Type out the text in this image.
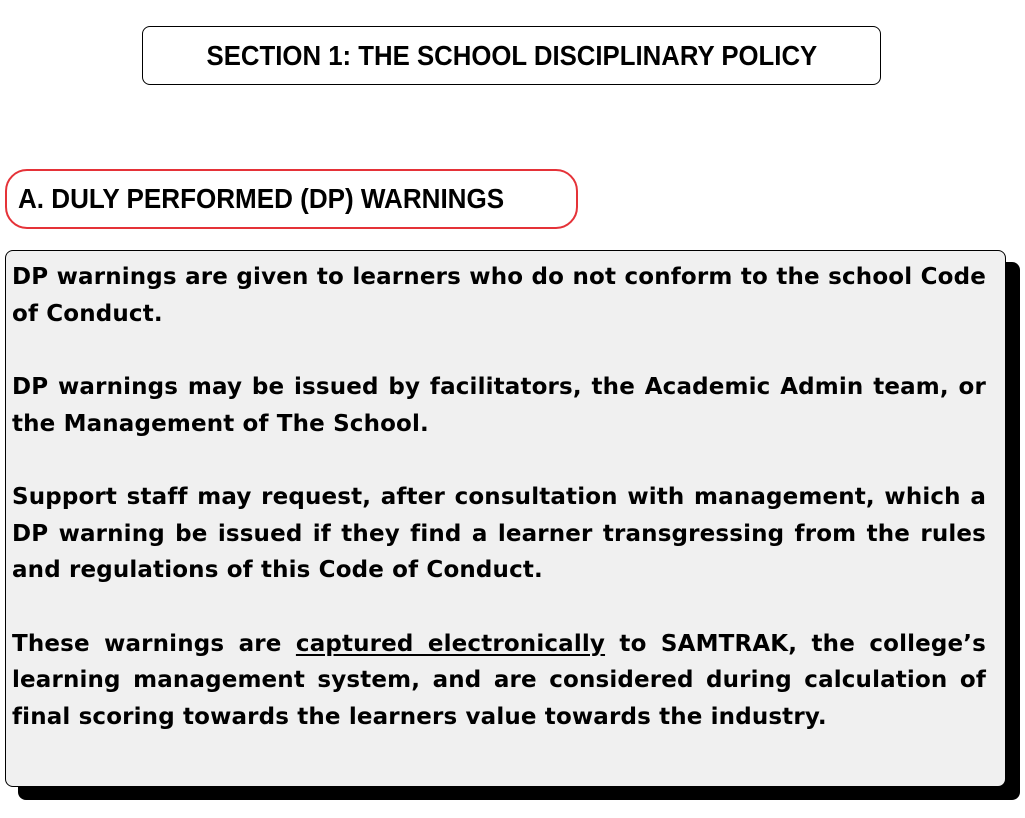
SECTION 1: THE SCHOOL DISCIPLINARY POLICY
A. DULY PERFORMED (DP) WARNINGS

DP warnings are given to learners who do not conform to the school Code of Conduct.

DP warnings may be issued by facilitators, the Academic Admin team, or the Management of The School.

Support staff may request, after consultation with management, which a DP warning be issued if they find a learner transgressing from the rules and regulations of this Code of Conduct.

These warnings are captured electronically to SAMTRAK, the college’s learning management system, and are considered during calculation of final scoring towards the learners value towards the industry.
